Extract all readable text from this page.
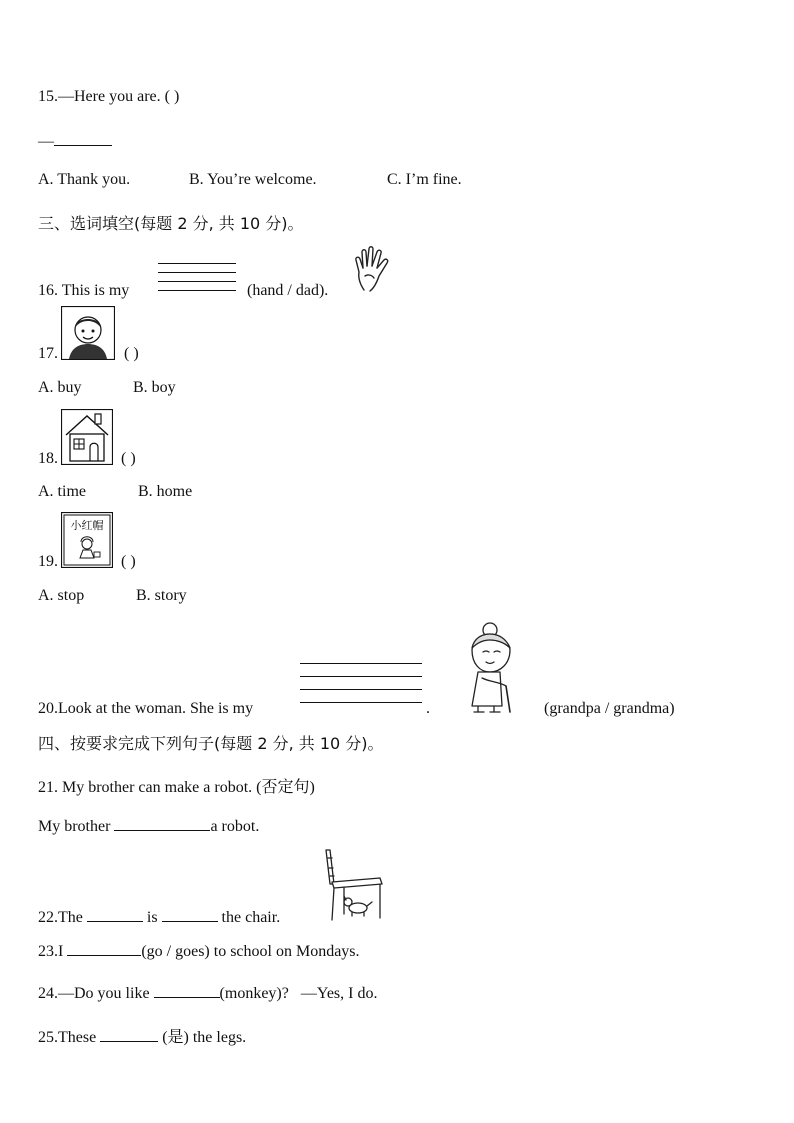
15.—Here you are. ( )
—
A. Thank you.	B. You’re welcome.	C. I’m fine.
三、选词填空(每题 2 分, 共 10 分)。
16. This is my	(hand / dad).
17.	( )
A. buy	B. boy
18.	( )
A. time	B. home
小红帽
19.	( )
A. stop	B. story
20.Look at the woman. She is my	.	(grandpa / grandma)
四、按要求完成下列句子(每题 2 分, 共 10 分)。
21. My brother can make a robot. (否定句)
My brother	a robot.
22.The	is	the chair.
23.I	(go / goes) to school on Mondays.
24.—Do you like	(monkey)? —Yes, I do.
25.These	(是) the legs.
